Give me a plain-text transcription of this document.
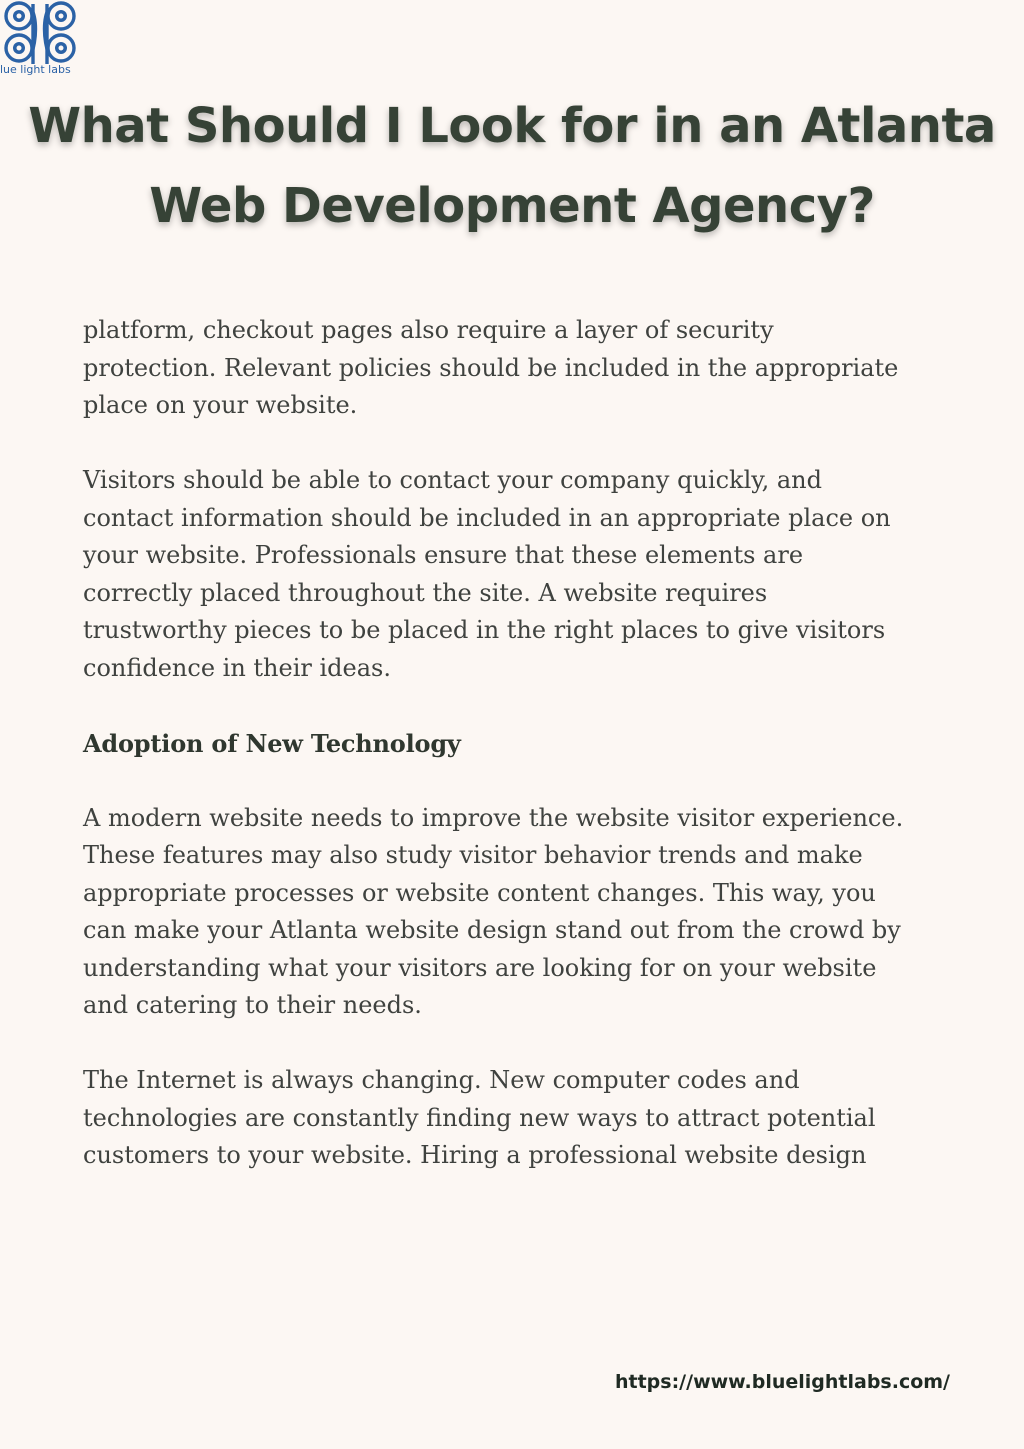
lue light labs
What Should I Look for in an Atlanta
Web Development Agency?

platform, checkout pages also require a layer of security
protection. Relevant policies should be included in the appropriate
place on your website.

Visitors should be able to contact your company quickly, and
contact information should be included in an appropriate place on
your website. Professionals ensure that these elements are
correctly placed throughout the site. A website requires
trustworthy pieces to be placed in the right places to give visitors
confidence in their ideas.

Adoption of New Technology

A modern website needs to improve the website visitor experience.
These features may also study visitor behavior trends and make
appropriate processes or website content changes. This way, you
can make your Atlanta website design stand out from the crowd by
understanding what your visitors are looking for on your website
and catering to their needs.

The Internet is always changing. New computer codes and
technologies are constantly finding new ways to attract potential
customers to your website. Hiring a professional website design

https://www.bluelightlabs.com/
